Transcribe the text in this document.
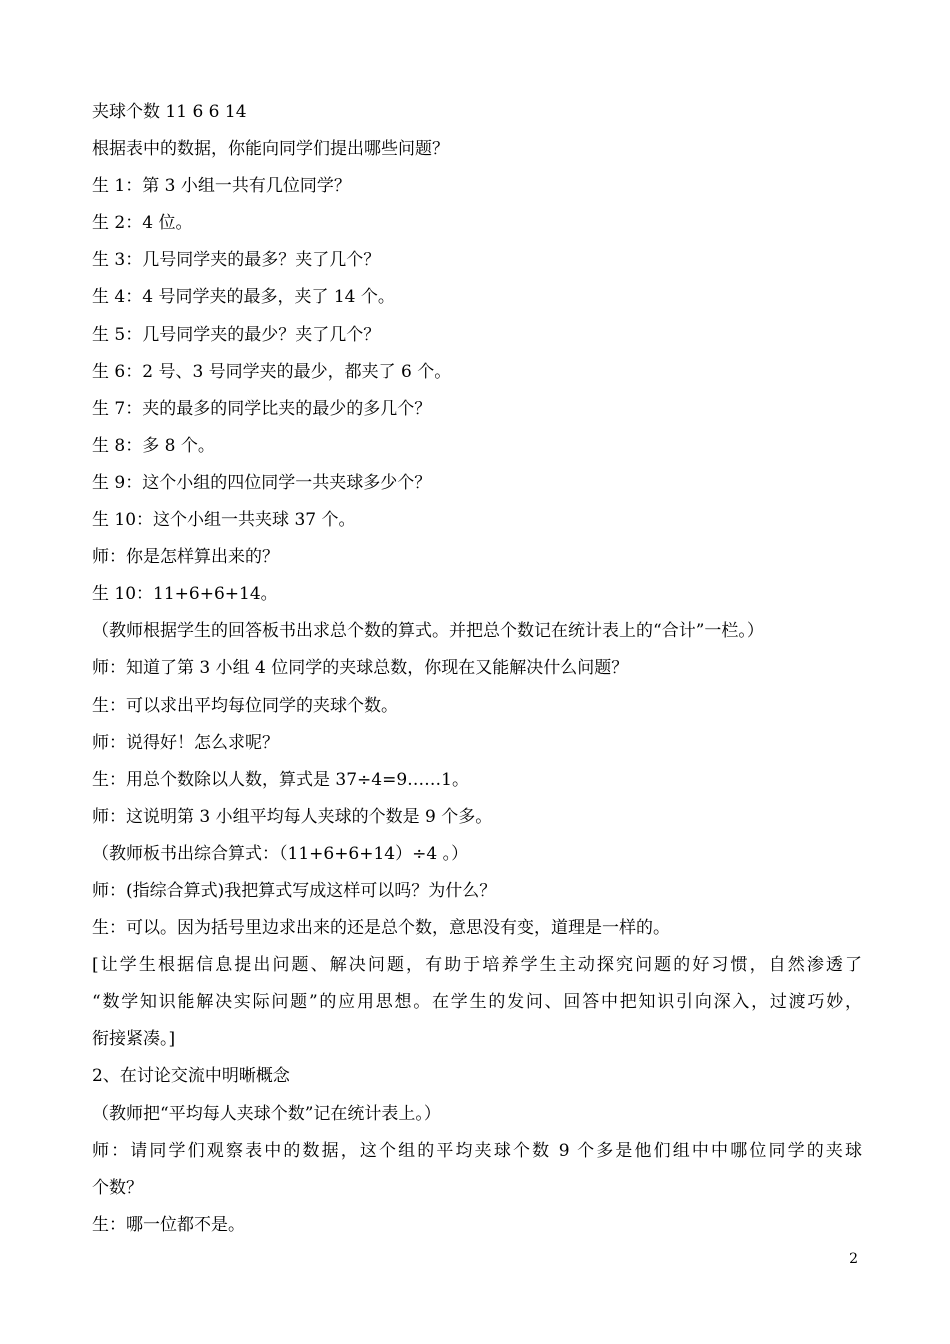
夹球个数 11 6 6 14
根据表中的数据，你能向同学们提出哪些问题？
生 1：第 3 小组一共有几位同学？
生 2：4 位。
生 3：几号同学夹的最多？夹了几个？
生 4：4 号同学夹的最多，夹了 14 个。
生 5：几号同学夹的最少？夹了几个？
生 6：2 号、3 号同学夹的最少，都夹了 6 个。
生 7：夹的最多的同学比夹的最少的多几个？
生 8：多 8 个。
生 9：这个小组的四位同学一共夹球多少个？
生 10：这个小组一共夹球 37 个。
师：你是怎样算出来的？
生 10：11+6+6+14。
（教师根据学生的回答板书出求总个数的算式。并把总个数记在统计表上的“合计”一栏。）
师：知道了第 3 小组 4 位同学的夹球总数，你现在又能解决什么问题？
生：可以求出平均每位同学的夹球个数。
师：说得好！怎么求呢？
生：用总个数除以人数，算式是 37÷4=9……1。
师：这说明第 3 小组平均每人夹球的个数是 9 个多。
（教师板书出综合算式：（11+6+6+14）÷4 。）
师：(指综合算式)我把算式写成这样可以吗？为什么？
生：可以。因为括号里边求出来的还是总个数，意思没有变，道理是一样的。
[让学生根据信息提出问题、解决问题，有助于培养学生主动探究问题的好习惯，自然渗透了
“数学知识能解决实际问题”的应用思想。在学生的发问、回答中把知识引向深入，过渡巧妙，
衔接紧凑。]
2、在讨论交流中明晰概念
（教师把“平均每人夹球个数”记在统计表上。）
师：请同学们观察表中的数据，这个组的平均夹球个数 9 个多是他们组中中哪位同学的夹球
个数？
生：哪一位都不是。
2
